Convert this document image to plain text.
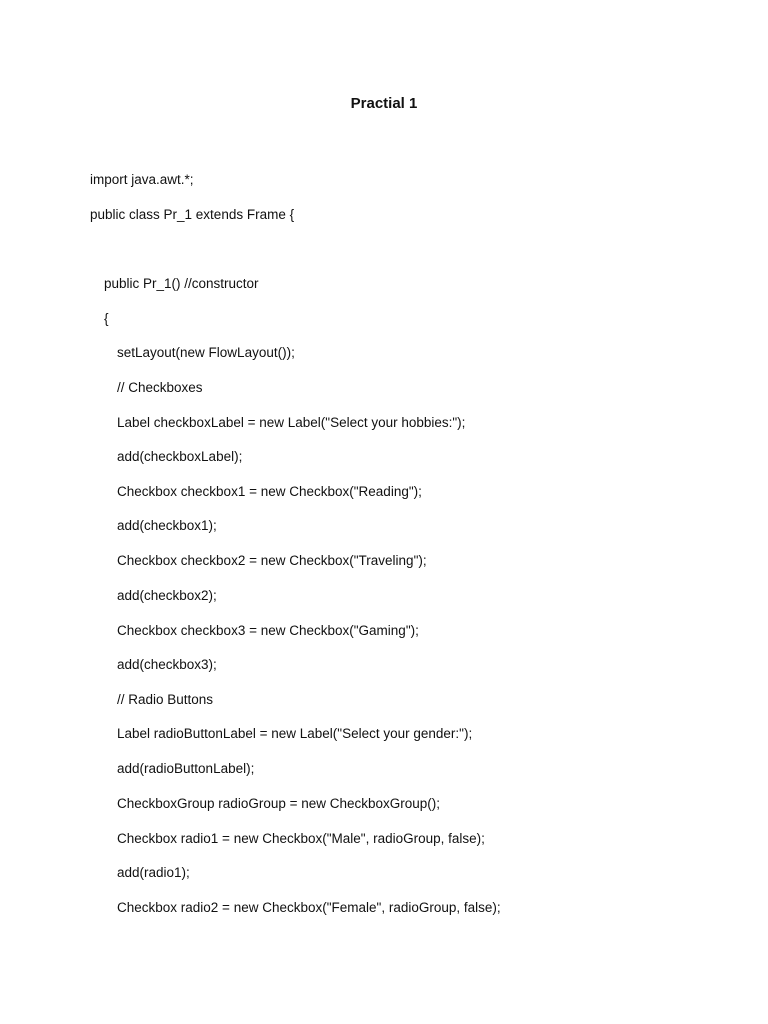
Practial 1

import java.awt.*;

public class Pr_1 extends Frame {

public Pr_1() //constructor

{

setLayout(new FlowLayout());

// Checkboxes

Label checkboxLabel = new Label("Select your hobbies:");

add(checkboxLabel);

Checkbox checkbox1 = new Checkbox("Reading");

add(checkbox1);

Checkbox checkbox2 = new Checkbox("Traveling");

add(checkbox2);

Checkbox checkbox3 = new Checkbox("Gaming");

add(checkbox3);

// Radio Buttons

Label radioButtonLabel = new Label("Select your gender:");

add(radioButtonLabel);

CheckboxGroup radioGroup = new CheckboxGroup();

Checkbox radio1 = new Checkbox("Male", radioGroup, false);

add(radio1);

Checkbox radio2 = new Checkbox("Female", radioGroup, false);
